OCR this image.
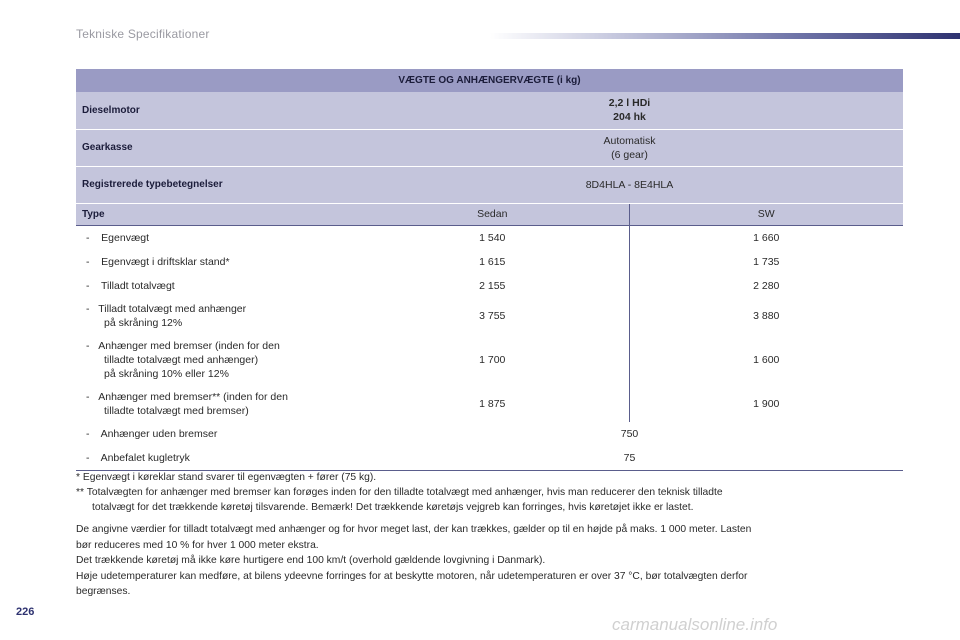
Tekniske Specifikationer
VÆGTE OG ANHÆNGERVÆGTE (i kg)		
Dieselmotor	2,2 l HDi
204 hk	

Gearkasse	Automatisk
(6 gear)	

Registrerede typebetegnelser	8D4HLA - 8E4HLA	
Type	Sedan	SW
- Egenvægt	1 540	1 660
- Egenvægt i driftsklar stand*	1 615	1 735
- Tilladt totalvægt	2 155	2 280

- Tilladt totalvægt med anhænger
på skråning 12%	3 755	3 880

- Anhænger med bremser (inden for den
tilladte totalvægt med anhænger)
på skråning 10% eller 12%	1 700	1 600

- Anhænger med bremser** (inden for den
tilladte totalvægt med bremser)	1 875	1 900
- Anhænger uden bremser	750	
- Anbefalet kugletryk	75	
* Egenvægt i køreklar stand svarer til egenvægten + fører (75 kg).
** Totalvægten for anhænger med bremser kan forøges inden for den tilladte totalvægt med anhænger, hvis man reducerer den teknisk tilladte
totalvægt for det trækkende køretøj tilsvarende. Bemærk! Det trækkende køretøjs vejgreb kan forringes, hvis køretøjet ikke er lastet.
De angivne værdier for tilladt totalvægt med anhænger og for hvor meget last, der kan trækkes, gælder op til en højde på maks. 1 000 meter. Lasten
bør reduceres med 10 % for hver 1 000 meter ekstra.
Det trækkende køretøj må ikke køre hurtigere end 100 km/t (overhold gældende lovgivning i Danmark).
Høje udetemperaturer kan medføre, at bilens ydeevne forringes for at beskytte motoren, når udetemperaturen er over 37 °C, bør totalvægten derfor
begrænses.
226
carmanualsonline.info
